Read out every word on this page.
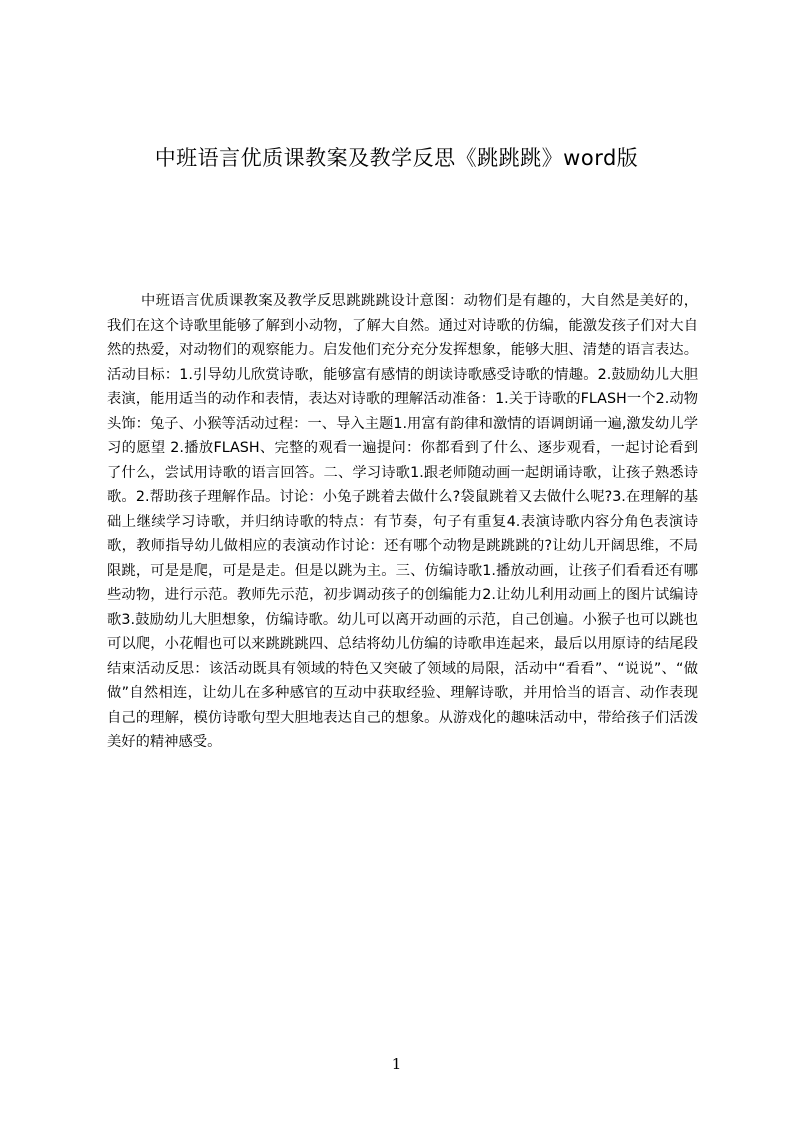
中班语言优质课教案及教学反思《跳跳跳》word版

中班语言优质课教案及教学反思跳跳跳设计意图：动物们是有趣的，大自然是美好的，我们在这个诗歌里能够了解到小动物，了解大自然。通过对诗歌的仿编，能激发孩子们对大自然的热爱，对动物们的观察能力。启发他们充分充分发挥想象，能够大胆、清楚的语言表达。活动目标：1.引导幼儿欣赏诗歌，能够富有感情的朗读诗歌感受诗歌的情趣。2.鼓励幼儿大胆表演，能用适当的动作和表情，表达对诗歌的理解活动准备：1.关于诗歌的FLASH一个2.动物头饰：兔子、小猴等活动过程：一、导入主题1.用富有韵律和激情的语调朗诵一遍,激发幼儿学习的愿望 2.播放FLASH、完整的观看一遍提问：你都看到了什么、逐步观看，一起讨论看到了什么，尝试用诗歌的语言回答。二、学习诗歌1.跟老师随动画一起朗诵诗歌，让孩子熟悉诗歌。2.帮助孩子理解作品。讨论：小兔子跳着去做什么?袋鼠跳着又去做什么呢?3.在理解的基础上继续学习诗歌，并归纳诗歌的特点：有节奏，句子有重复4.表演诗歌内容分角色表演诗歌，教师指导幼儿做相应的表演动作讨论：还有哪个动物是跳跳跳的?让幼儿开阔思维，不局限跳，可是是爬，可是是走。但是以跳为主。三、仿编诗歌1.播放动画，让孩子们看看还有哪些动物，进行示范。教师先示范，初步调动孩子的创编能力2.让幼儿利用动画上的图片试编诗歌3.鼓励幼儿大胆想象，仿编诗歌。幼儿可以离开动画的示范，自己创遍。小猴子也可以跳也可以爬，小花帽也可以来跳跳跳四、总结将幼儿仿编的诗歌串连起来，最后以用原诗的结尾段结束活动反思：该活动既具有领域的特色又突破了领域的局限，活动中“看看”、“说说”、“做做”自然相连，让幼儿在多种感官的互动中获取经验、理解诗歌，并用恰当的语言、动作表现自己的理解，模仿诗歌句型大胆地表达自己的想象。从游戏化的趣味活动中，带给孩子们活泼美好的精神感受。

1
